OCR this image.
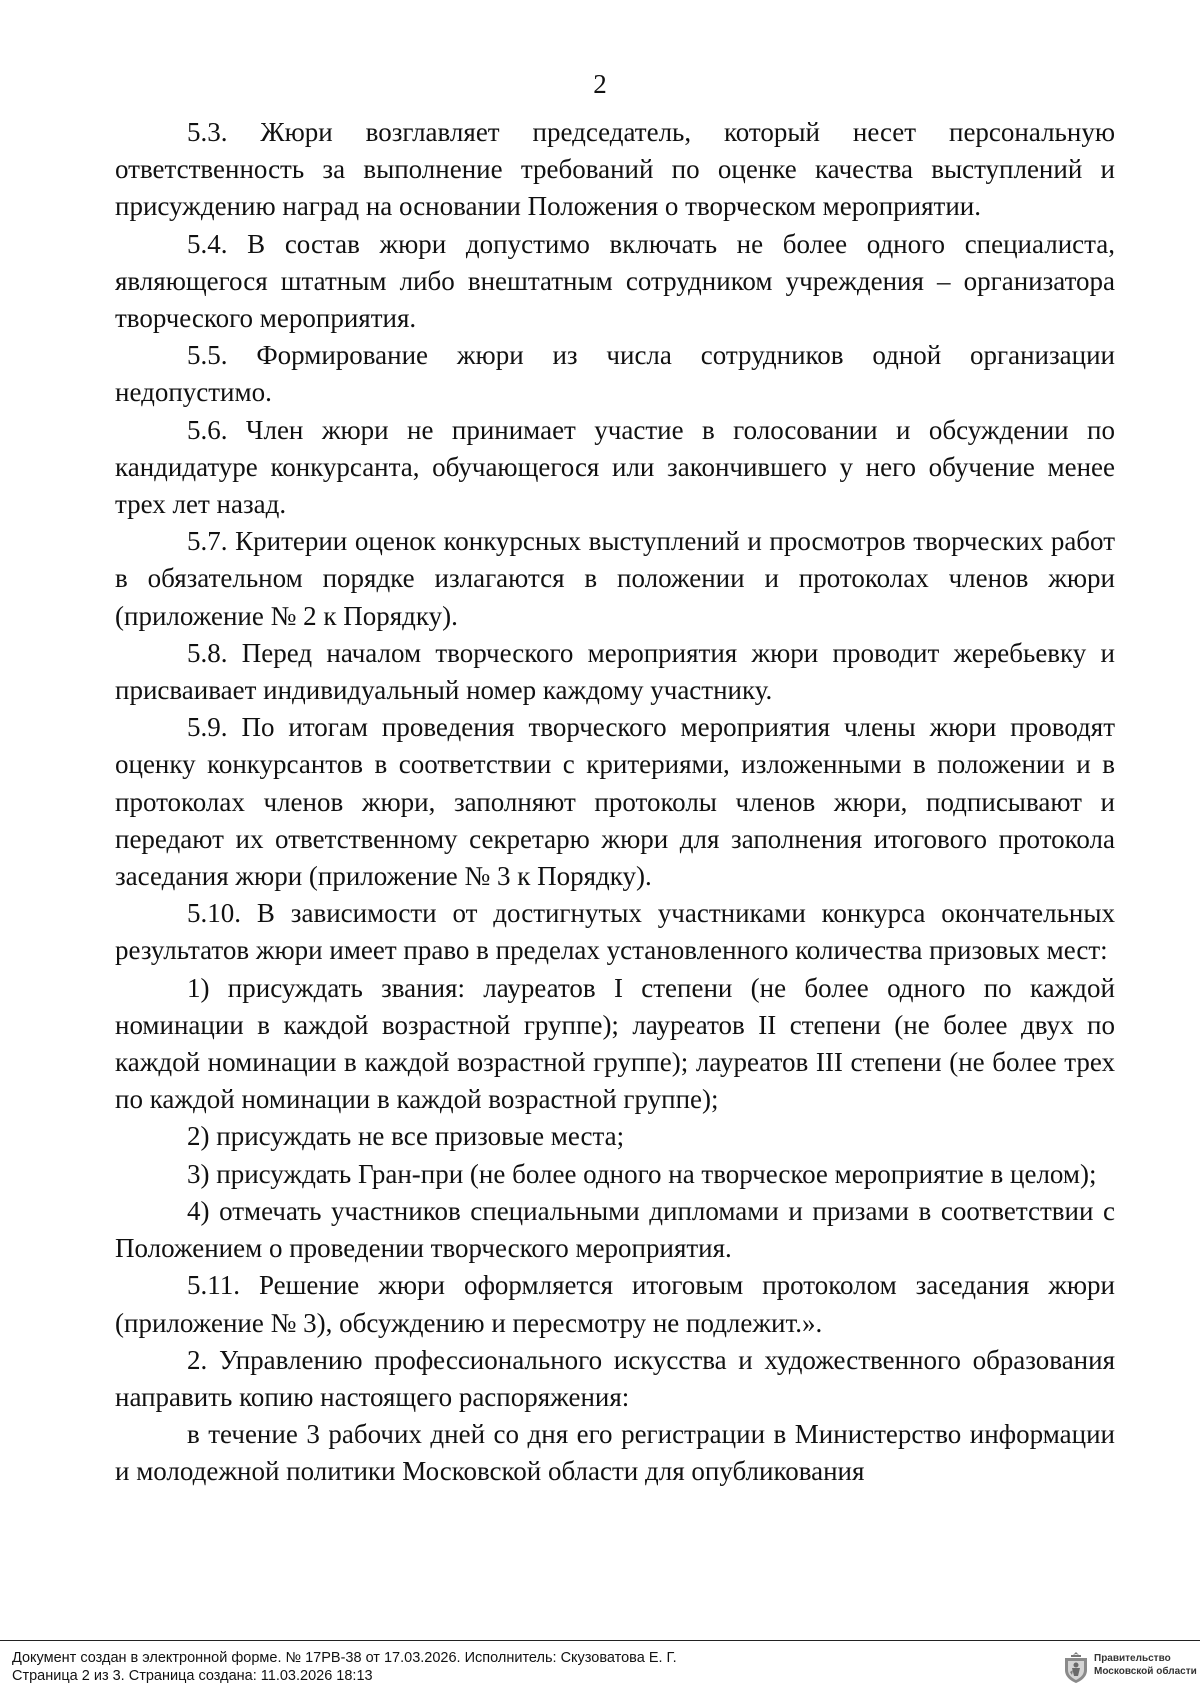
2

5.3. Жюри возглавляет председатель, который несет персональную ответственность за выполнение требований по оценке качества выступлений и присуждению наград на основании Положения о творческом мероприятии.

5.4. В состав жюри допустимо включать не более одного специалиста, являющегося штатным либо внештатным сотрудником учреждения – организатора творческого мероприятия.

5.5. Формирование жюри из числа сотрудников одной организации недопустимо.

5.6. Член жюри не принимает участие в голосовании и обсуждении по кандидатуре конкурсанта, обучающегося или закончившего у него обучение менее трех лет назад.

5.7. Критерии оценок конкурсных выступлений и просмотров творческих работ в обязательном порядке излагаются в положении и протоколах членов жюри (приложение № 2 к Порядку).

5.8. Перед началом творческого мероприятия жюри проводит жеребьевку и присваивает индивидуальный номер каждому участнику.

5.9. По итогам проведения творческого мероприятия члены жюри проводят оценку конкурсантов в соответствии с критериями, изложенными в положении и в протоколах членов жюри, заполняют протоколы членов жюри, подписывают и передают их ответственному секретарю жюри для заполнения итогового протокола заседания жюри (приложение № 3 к Порядку).

5.10. В зависимости от достигнутых участниками конкурса окончательных результатов жюри имеет право в пределах установленного количества призовых мест:

1) присуждать звания: лауреатов I степени (не более одного по каждой номинации в каждой возрастной группе); лауреатов II степени (не более двух по каждой номинации в каждой возрастной группе); лауреатов III степени (не более трех по каждой номинации в каждой возрастной группе);

2) присуждать не все призовые места;

3) присуждать Гран-при (не более одного на творческое мероприятие в целом);

4) отмечать участников специальными дипломами и призами в соответствии с Положением о проведении творческого мероприятия.

5.11. Решение жюри оформляется итоговым протоколом заседания жюри (приложение № 3), обсуждению и пересмотру не подлежит.».

2. Управлению профессионального искусства и художественного образования направить копию настоящего распоряжения:

в течение 3 рабочих дней со дня его регистрации в Министерство информации и молодежной политики Московской области для опубликования

Документ создан в электронной форме. № 17РВ-38 от 17.03.2026. Исполнитель: Скузоватова Е. Г.
Страница 2 из 3. Страница создана: 11.03.2026 18:13
Правительство
Московской области
